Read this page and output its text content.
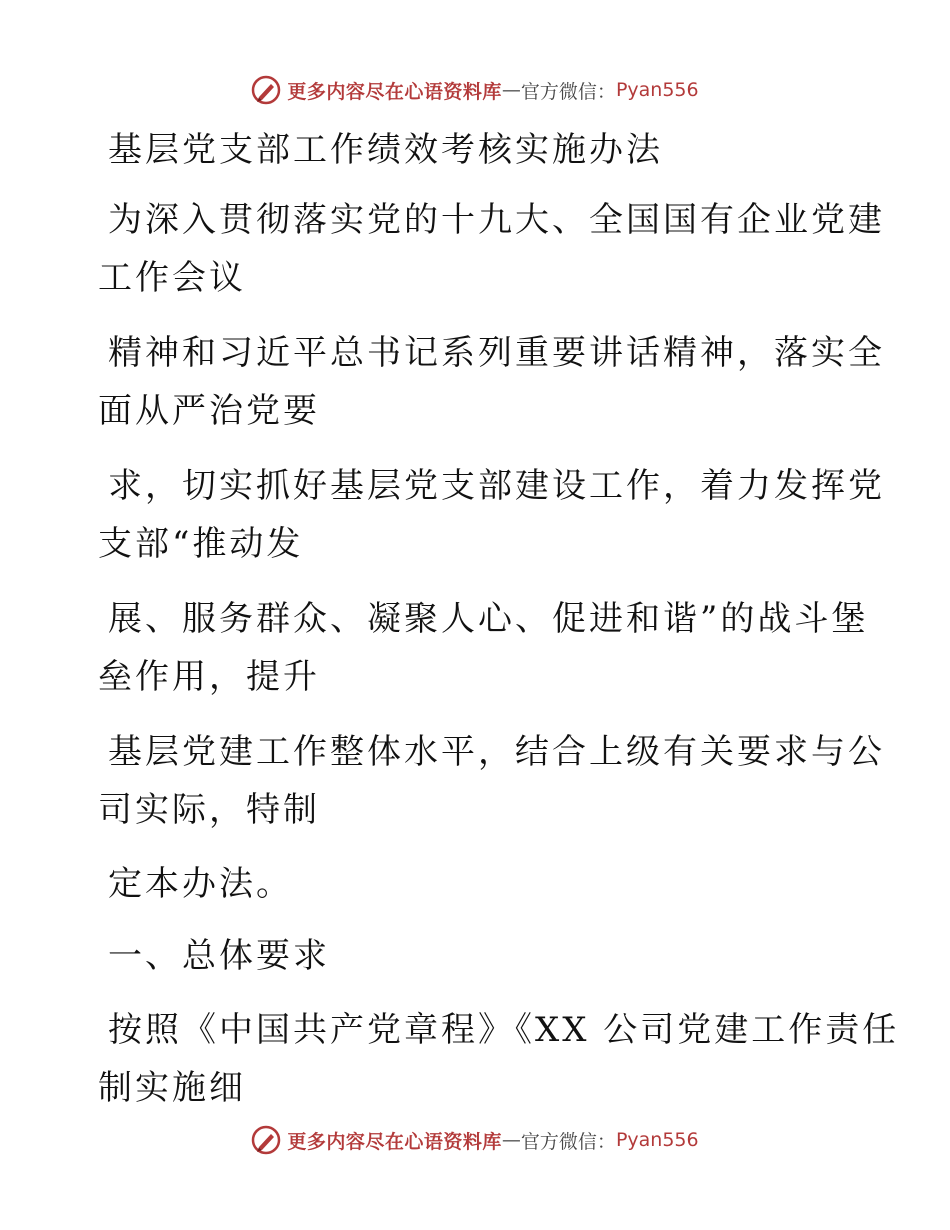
更多内容尽在心语资料库 — 官方微信： Pyan556
基层党支部工作绩效考核实施办法
为深入贯彻落实党的十九大、全国国有企业党建
工作会议
精神和习近平总书记系列重要讲话精神，落实全
面从严治党要
求，切实抓好基层党支部建设工作，着力发挥党
支部“推动发
展、服务群众、凝聚人心、促进和谐”的战斗堡
垒作用，提升
基层党建工作整体水平，结合上级有关要求与公
司实际，特制
定本办法。
一、总体要求
按照《中国共产党章程》《XX 公司党建工作责任
制实施细
更多内容尽在心语资料库 — 官方微信： Pyan556
